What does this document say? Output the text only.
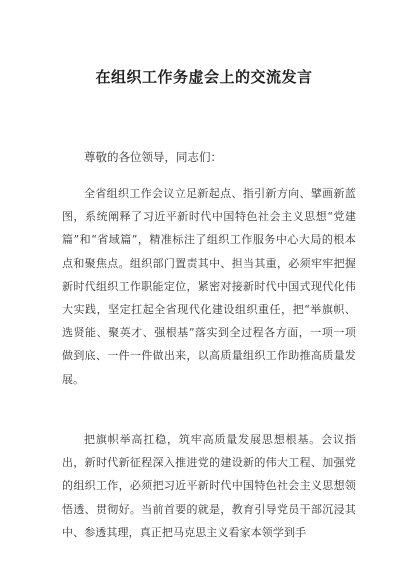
在组织工作务虚会上的交流发言
尊敬的各位领导，同志们：

全省组织工作会议立足新起点、指引新方向、擘画新蓝图，系统阐释了习近平新时代中国特色社会主义思想“党建篇”和“省域篇”，精准标注了组织工作服务中心大局的根本点和聚焦点。组织部门置责其中、担当其重，必须牢牢把握新时代组织工作职能定位，紧密对接新时代中国式现代化伟大实践，坚定扛起全省现代化建设组织重任，把“举旗帜、选贤能、聚英才、强根基”落实到全过程各方面，一项一项做到底、一件一件做出来，以高质量组织工作助推高质量发展。

把旗帜举高扛稳，筑牢高质量发展思想根基。会议指出，新时代新征程深入推进党的建设新的伟大工程、加强党的组织工作，必须把习近平新时代中国特色社会主义思想领悟透、贯彻好。当前首要的就是，教育引导党员干部沉浸其中、参透其理，真正把马克思主义看家本领学到手
